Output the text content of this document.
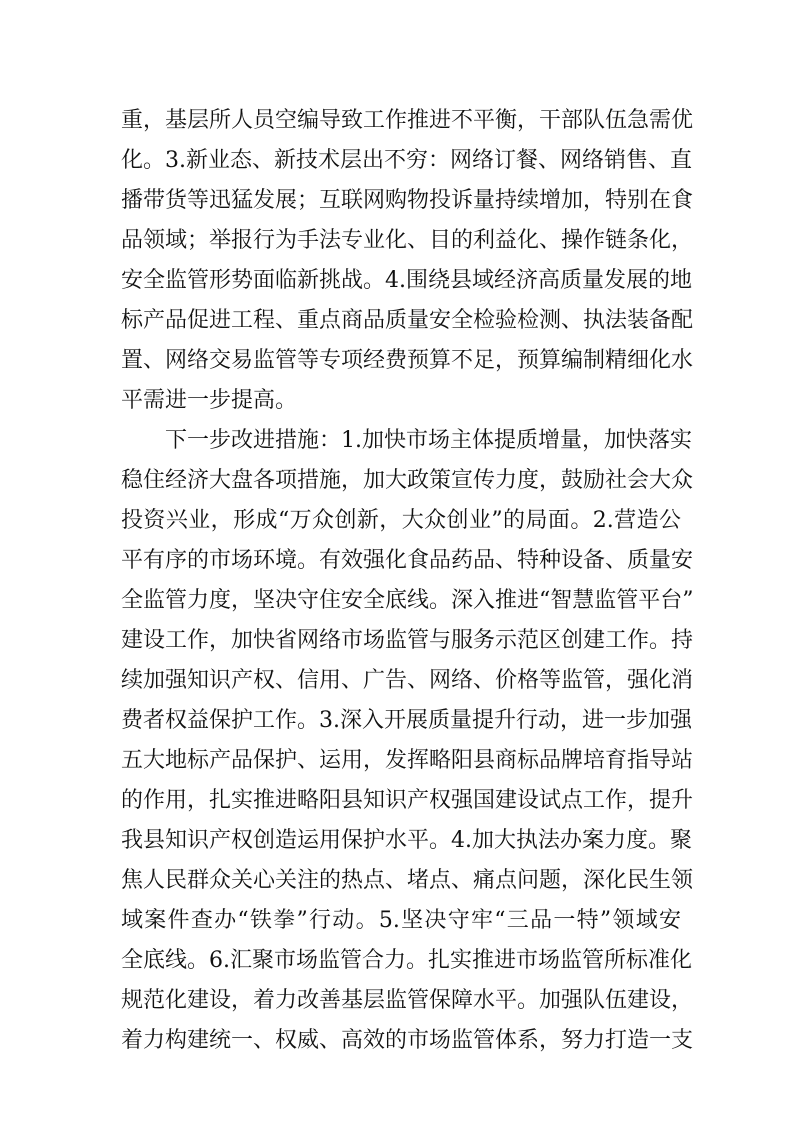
重，基层所人员空编导致工作推进不平衡，干部队伍急需优
化。3.新业态、新技术层出不穷：网络订餐、网络销售、直
播带货等迅猛发展；互联网购物投诉量持续增加，特别在食
品领域；举报行为手法专业化、目的利益化、操作链条化，
安全监管形势面临新挑战。4.围绕县域经济高质量发展的地
标产品促进工程、重点商品质量安全检验检测、执法装备配
置、网络交易监管等专项经费预算不足，预算编制精细化水
平需进一步提高。
下一步改进措施：1.加快市场主体提质增量，加快落实
稳住经济大盘各项措施，加大政策宣传力度，鼓励社会大众
投资兴业，形成“万众创新，大众创业”的局面。2.营造公
平有序的市场环境。有效强化食品药品、特种设备、质量安
全监管力度，坚决守住安全底线。深入推进“智慧监管平台”
建设工作，加快省网络市场监管与服务示范区创建工作。持
续加强知识产权、信用、广告、网络、价格等监管，强化消
费者权益保护工作。3.深入开展质量提升行动，进一步加强
五大地标产品保护、运用，发挥略阳县商标品牌培育指导站
的作用，扎实推进略阳县知识产权强国建设试点工作，提升
我县知识产权创造运用保护水平。4.加大执法办案力度。聚
焦人民群众关心关注的热点、堵点、痛点问题，深化民生领
域案件查办“铁拳”行动。5.坚决守牢“三品一特”领域安
全底线。6.汇聚市场监管合力。扎实推进市场监管所标准化
规范化建设，着力改善基层监管保障水平。加强队伍建设，
着力构建统一、权威、高效的市场监管体系，努力打造一支
